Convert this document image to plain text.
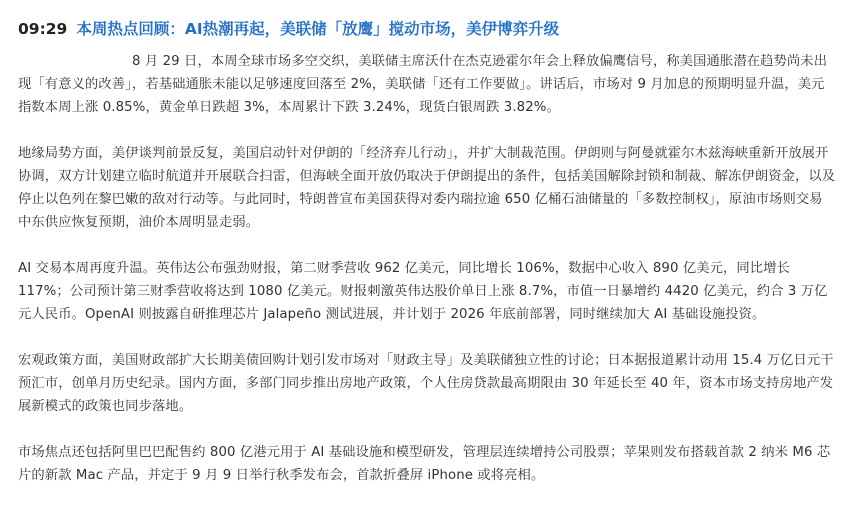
09:29 本周热点回顾：AI热潮再起，美联储「放鹰」搅动市场，美伊博弈升级

8 月 29 日，本周全球市场多空交织，美联储主席沃什在杰克逊霍尔年会上释放偏鹰信号，称美国通胀潜在趋势尚未出现「有意义的改善」，若基础通胀未能以足够速度回落至 2%，美联储「还有工作要做」。讲话后，市场对 9 月加息的预期明显升温，美元指数本周上涨 0.85%，黄金单日跌超 3%，本周累计下跌 3.24%，现货白银周跌 3.82%。

地缘局势方面，美伊谈判前景反复，美国启动针对伊朗的「经济弃儿行动」，并扩大制裁范围。伊朗则与阿曼就霍尔木兹海峡重新开放展开协调，双方计划建立临时航道并开展联合扫雷，但海峡全面开放仍取决于伊朗提出的条件，包括美国解除封锁和制裁、解冻伊朗资金，以及停止以色列在黎巴嫩的敌对行动等。与此同时，特朗普宣布美国获得对委内瑞拉逾 650 亿桶石油储量的「多数控制权」，原油市场则交易中东供应恢复预期，油价本周明显走弱。

AI 交易本周再度升温。英伟达公布强劲财报，第二财季营收 962 亿美元，同比增长 106%，数据中心收入 890 亿美元，同比增长 117%；公司预计第三财季营收将达到 1080 亿美元。财报刺激英伟达股价单日上涨 8.7%，市值一日暴增约 4420 亿美元，约合 3 万亿元人民币。OpenAI 则披露自研推理芯片 Jalapeño 测试进展，并计划于 2026 年底前部署，同时继续加大 AI 基础设施投资。

宏观政策方面，美国财政部扩大长期美债回购计划引发市场对「财政主导」及美联储独立性的讨论；日本据报道累计动用 15.4 万亿日元干预汇市，创单月历史纪录。国内方面，多部门同步推出房地产政策，个人住房贷款最高期限由 30 年延长至 40 年，资本市场支持房地产发展新模式的政策也同步落地。

市场焦点还包括阿里巴巴配售约 800 亿港元用于 AI 基础设施和模型研发，管理层连续增持公司股票；苹果则发布搭载首款 2 纳米 M6 芯片的新款 Mac 产品，并定于 9 月 9 日举行秋季发布会，首款折叠屏 iPhone 或将亮相。
